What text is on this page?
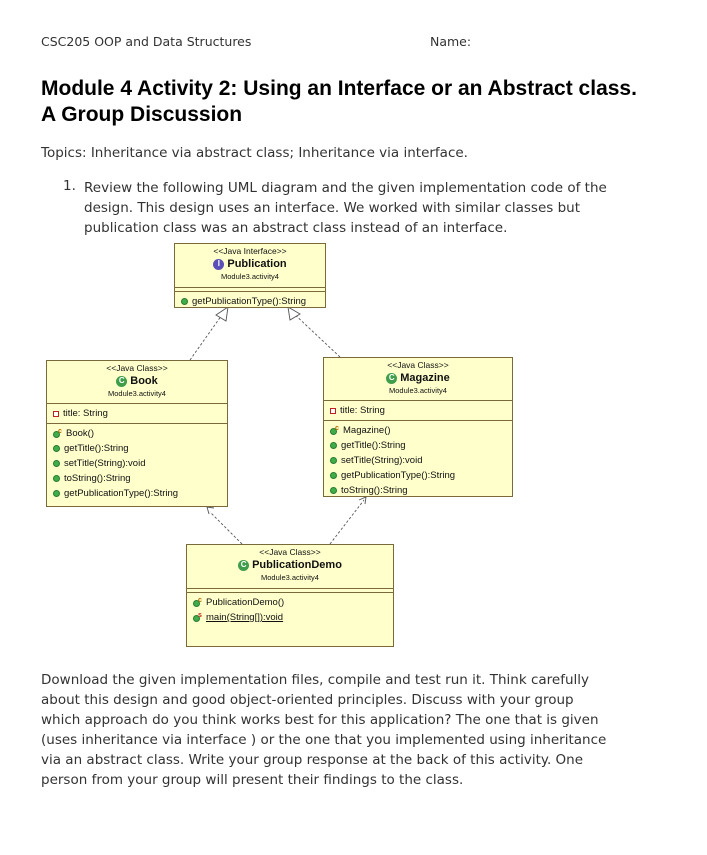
CSC205 OOP and Data Structures	Name:
Module 4 Activity 2: Using an Interface or an Abstract class. A Group Discussion
Topics: Inheritance via abstract class; Inheritance via interface.
1. Review the following UML diagram and the given implementation code of the design. This design uses an interface. We worked with similar classes but publication class was an abstract class instead of an interface.
<<Java Interface>>
I Publication
Module3.activity4
getPublicationType():String
<<Java Class>>
C Book
Module3.activity4
title: String
c Book()
getTitle():String
setTitle(String):void
toString():String
getPublicationType():String
<<Java Class>>
C Magazine
Module3.activity4
title: String
c Magazine()
getTitle():String
setTitle(String):void
getPublicationType():String
toString():String
<<Java Class>>
C PublicationDemo
Module3.activity4
c PublicationDemo()
s main(String[]):void
Download the given implementation files, compile and test run it. Think carefully about this design and good object-oriented principles. Discuss with your group which approach do you think works best for this application? The one that is given (uses inheritance via interface ) or the one that you implemented using inheritance via an abstract class. Write your group response at the back of this activity. One person from your group will present their findings to the class.
